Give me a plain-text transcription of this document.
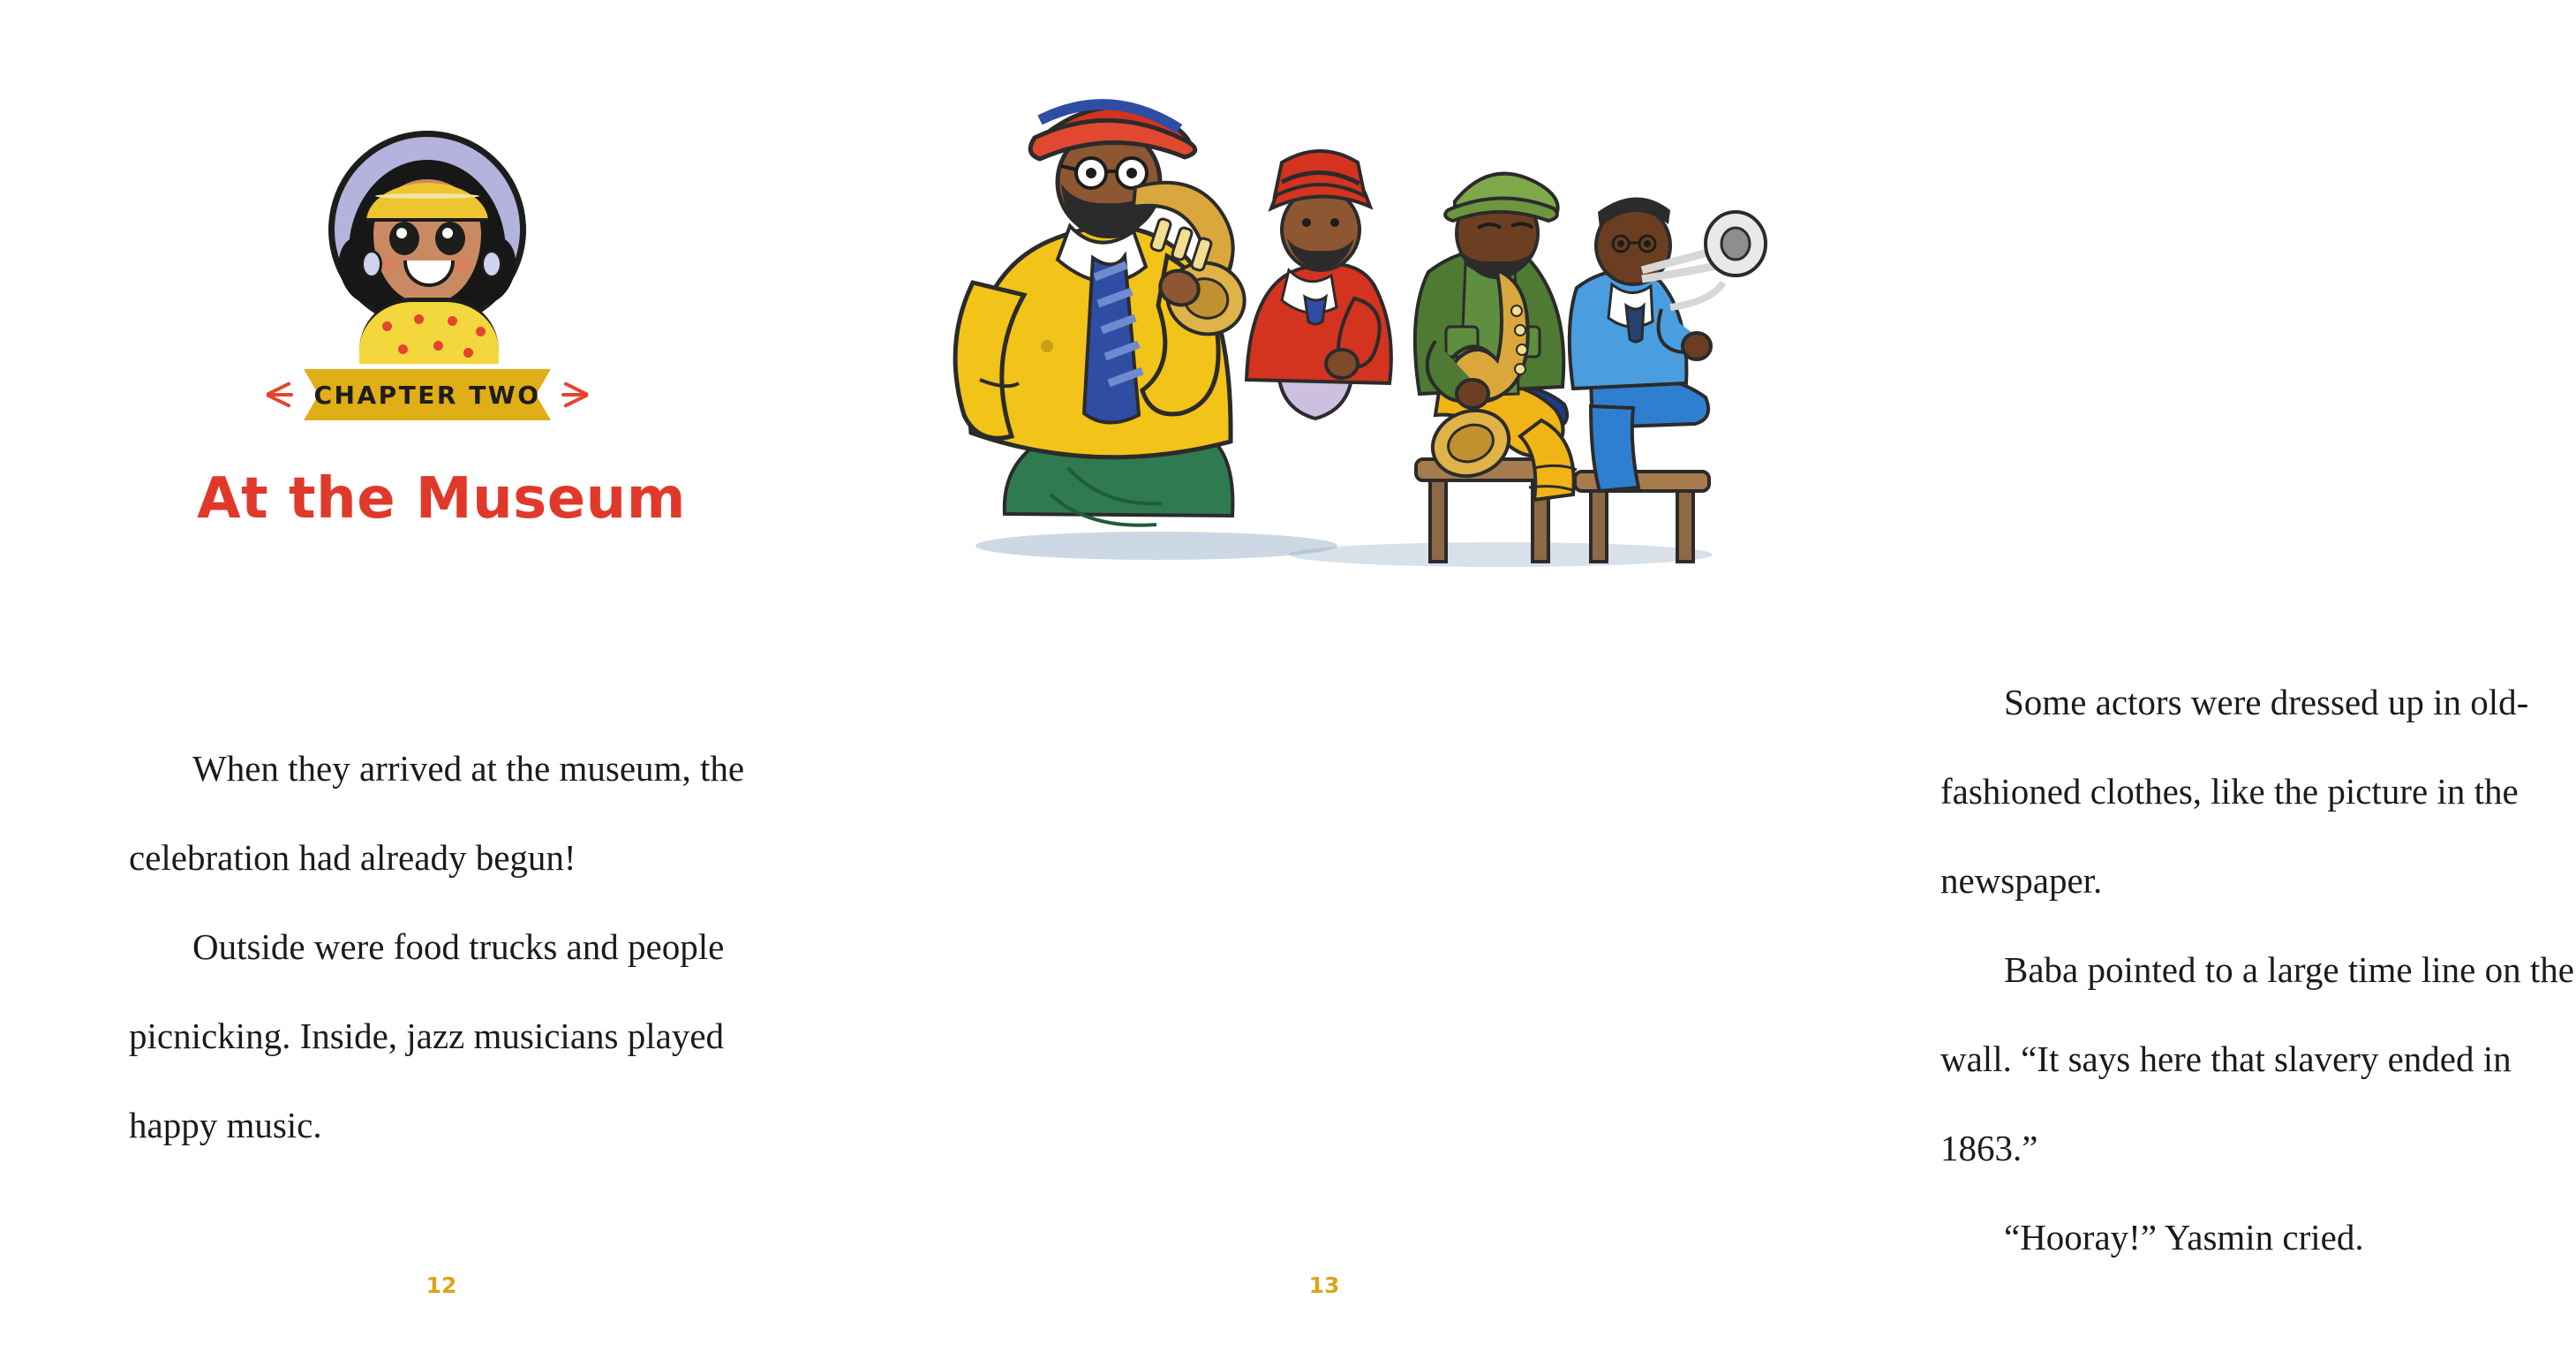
CHAPTER TWO
At the Museum

When they arrived at the museum, the celebration had already begun!

Outside were food trucks and people picnicking. Inside, jazz musicians played happy music.

12

Some actors were dressed up in old-fashioned clothes, like the picture in the newspaper.

Baba pointed to a large time line on the wall. “It says here that slavery ended in 1863.”

“Hooray!” Yasmin cried.

13
